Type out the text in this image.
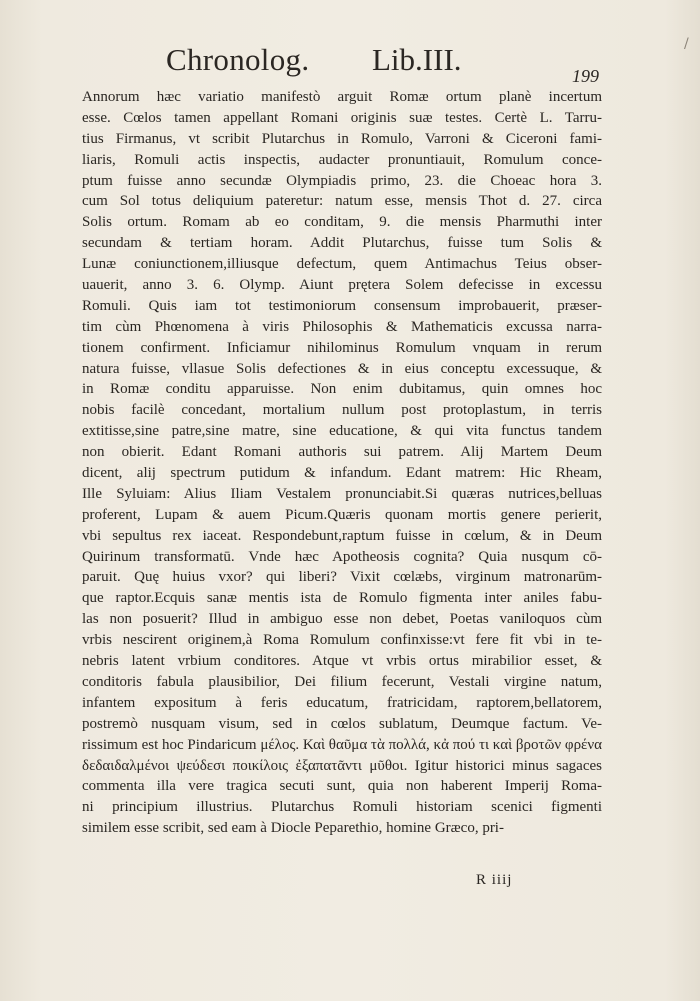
Chronolog. Lib.III.	199
/
Annorum hæc variatio manifestò arguit Romæ ortum planè incertum
esse. Cœlos tamen appellant Romani originis suæ testes. Certè L. Tarru-
tius Firmanus, vt scribit Plutarchus in Romulo, Varroni & Ciceroni fami-
liaris, Romuli actis inspectis, audacter pronuntiauit, Romulum conce-
ptum fuisse anno secundæ Olympiadis primo, 23. die Choeac hora 3.
cum Sol totus deliquium pateretur: natum esse, mensis Thot d. 27. circa
Solis ortum. Romam ab eo conditam, 9. die mensis Pharmuthi inter
secundam & tertiam horam. Addit Plutarchus, fuisse tum Solis &
Lunæ coniunctionem,illiusque defectum, quem Antimachus Teius obser-
uauerit, anno 3. 6. Olymp. Aiunt prętera Solem defecisse in excessu
Romuli. Quis iam tot testimoniorum consensum improbauerit, præser-
tim cùm Phœnomena à viris Philosophis & Mathematicis excussa narra-
tionem confirment. Inficiamur nihilominus Romulum vnquam in rerum
natura fuisse, vllasue Solis defectiones & in eius conceptu excessuque, &
in Romæ conditu apparuisse. Non enim dubitamus, quin omnes hoc
nobis facilè concedant, mortalium nullum post protoplastum, in terris
extitisse,sine patre,sine matre, sine educatione, & qui vita functus tandem
non obierit. Edant Romani authoris sui patrem. Alij Martem Deum
dicent, alij spectrum putidum & infandum. Edant matrem: Hic Rheam,
Ille Syluiam: Alius Iliam Vestalem pronunciabit.Si quæras nutrices,belluas
proferent, Lupam & auem Picum.Quæris quonam mortis genere perierit,
vbi sepultus rex iaceat. Respondebunt,raptum fuisse in cœlum, & in Deum
Quirinum transformatū. Vnde hæc Apotheosis cognita? Quia nusqum cō-
paruit. Quę huius vxor? qui liberi? Vixit cœlæbs, virginum matronarūm-
que raptor.Ecquis sanæ mentis ista de Romulo figmenta inter aniles fabu-
las non posuerit? Illud in ambiguo esse non debet, Poetas vaniloquos cùm
vrbis nescirent originem,à Roma Romulum confinxisse:vt fere fit vbi in te-
nebris latent vrbium conditores. Atque vt vrbis ortus mirabilior esset, &
conditoris fabula plausibilior, Dei filium fecerunt, Vestali virgine natum,
infantem expositum à feris educatum, fratricidam, raptorem,bellatorem,
postremò nusquam visum, sed in cœlos sublatum, Deumque factum. Ve-
rissimum est hoc Pindaricum μέλος. Καὶ θαῦμα τὰ πολλά, κἀ πού τι καὶ βροτῶν φρένα
δεδαιδαλμένοι ψεύδεσι ποικίλοις ἐξαπατᾶντι μῦθοι. Igitur historici minus sagaces
commenta illa vere tragica secuti sunt, quia non haberent Imperij Roma-
ni principium illustrius. Plutarchus Romuli historiam scenici figmenti
similem esse scribit, sed eam à Diocle Peparethio, homine Græco, pri-
R iiij
